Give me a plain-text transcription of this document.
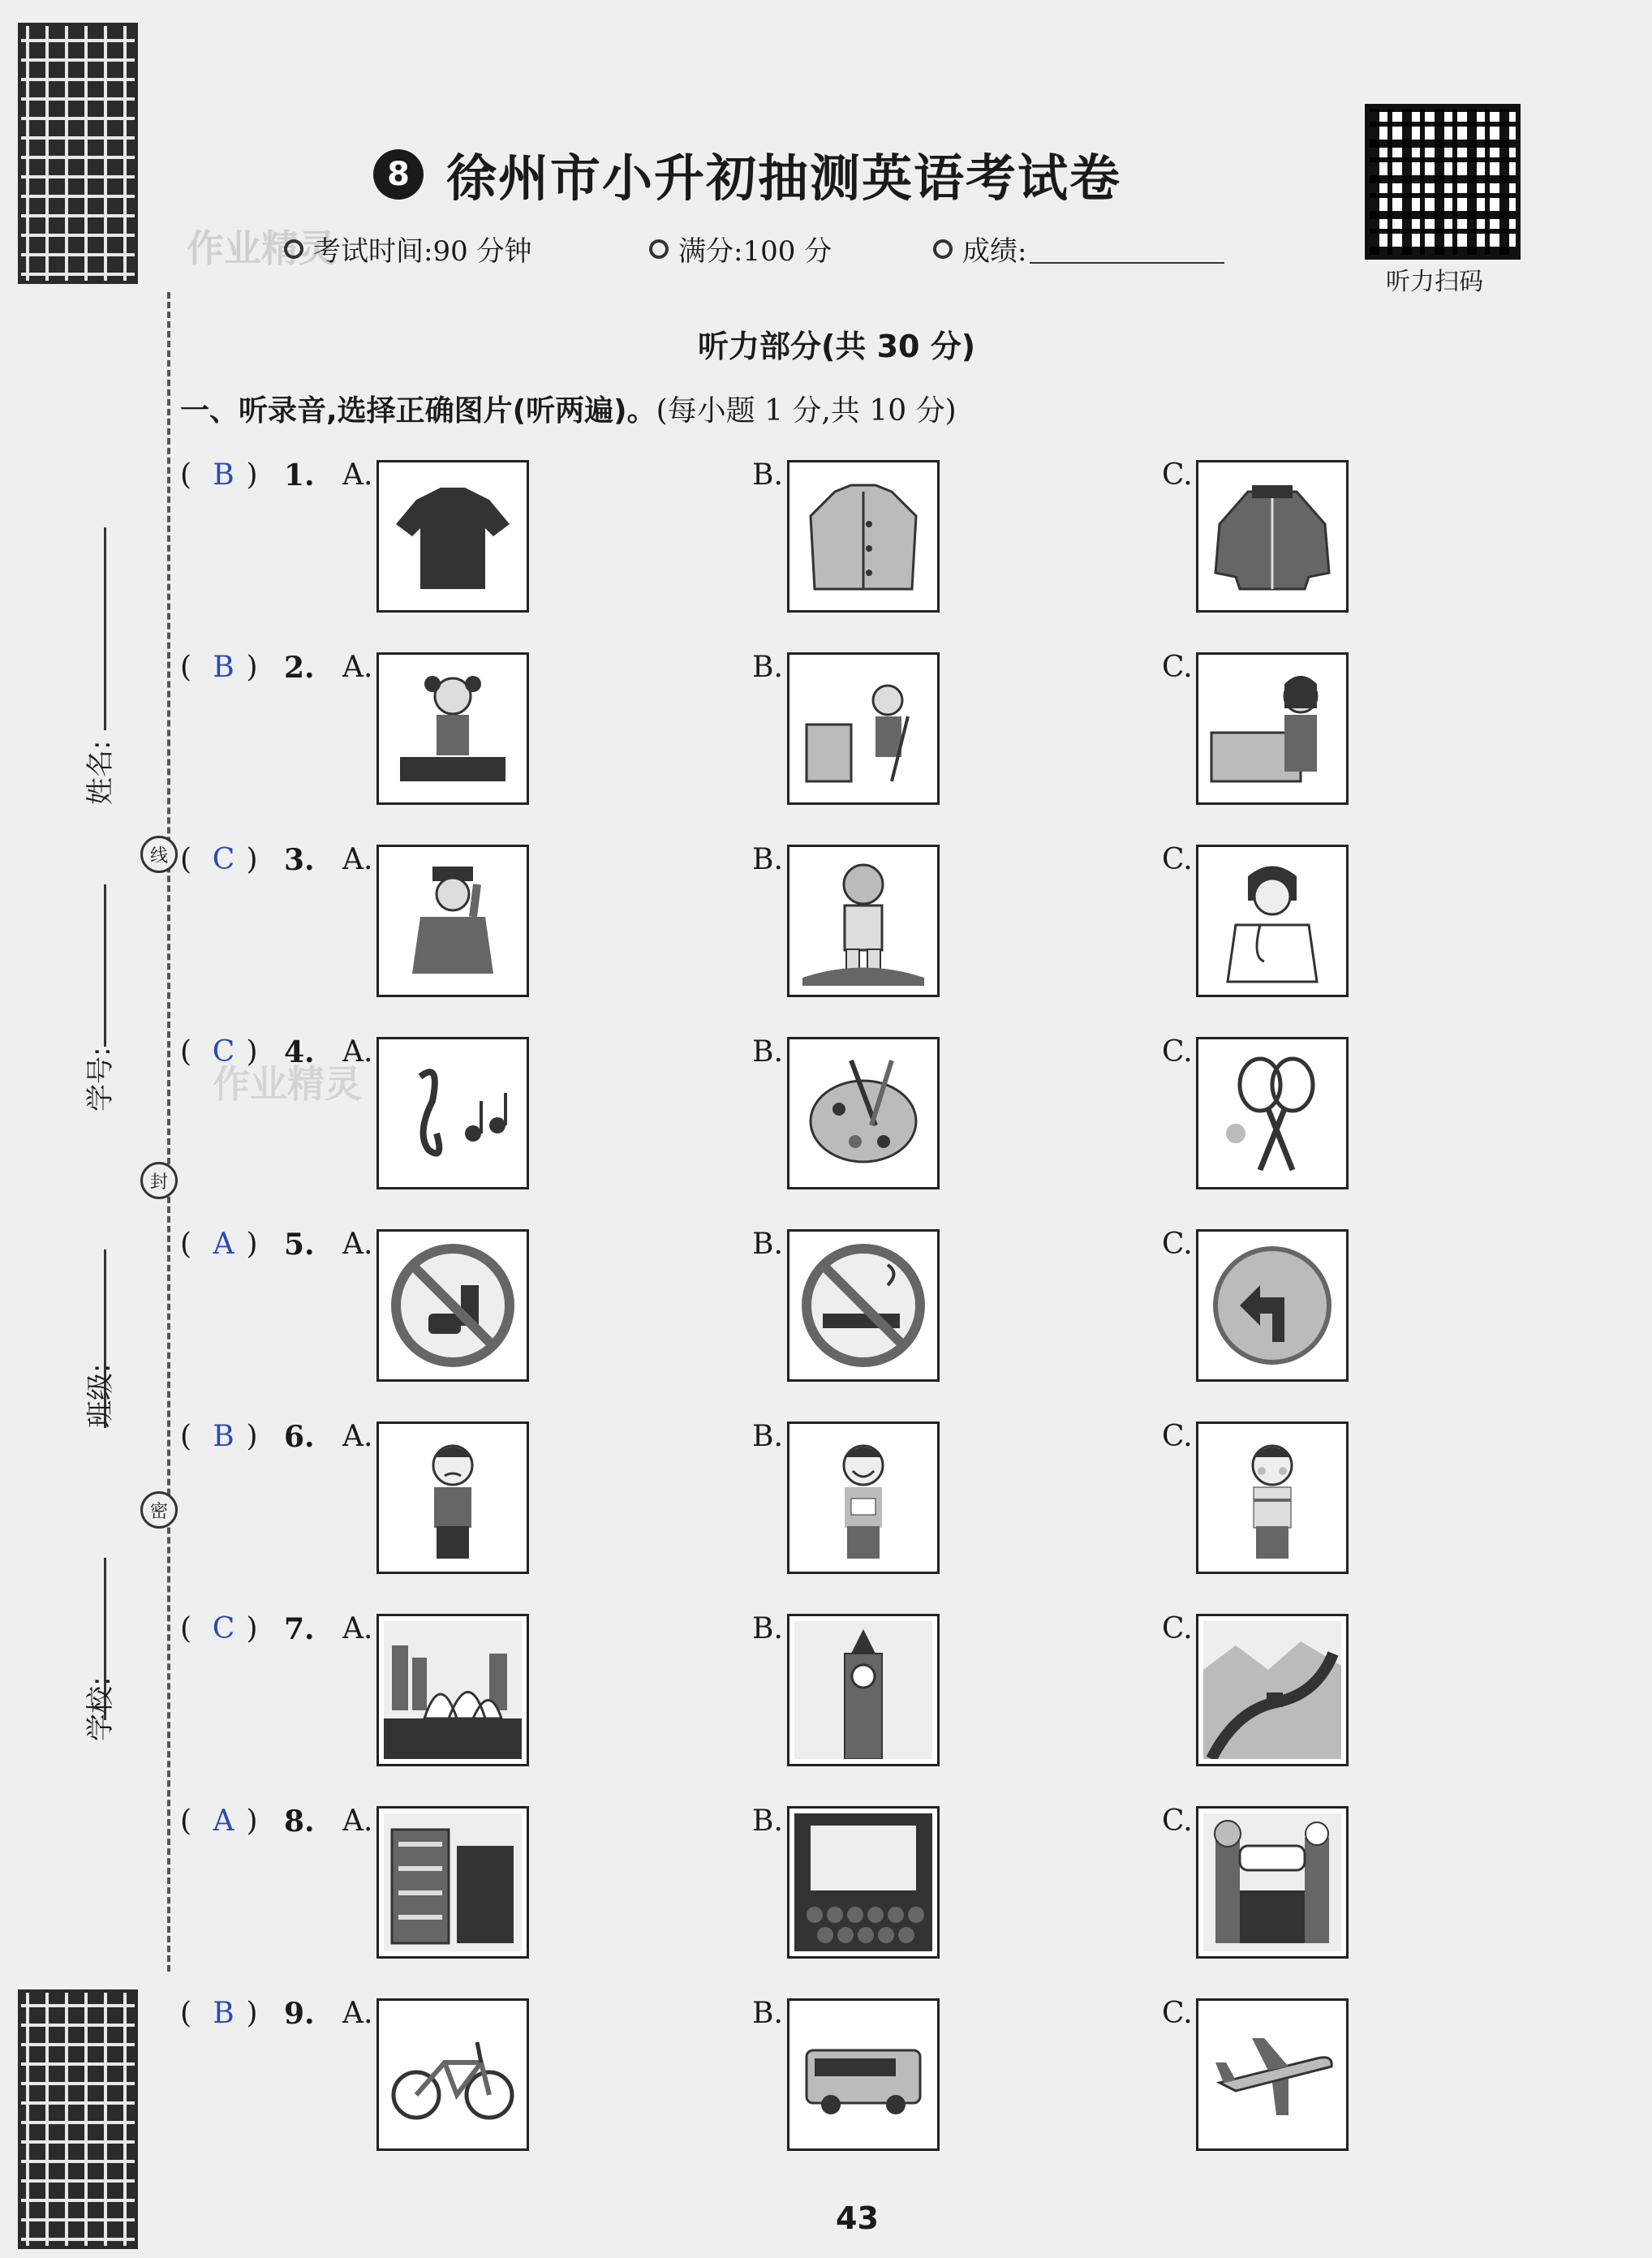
姓名:
学号:
班级:
学校:
线
封
密
8 徐州市小升初抽测英语考试卷
作业精灵
考试时间:90 分钟	满分:100 分	成绩:
听力扫码
听力部分(共 30 分)
一、听录音,选择正确图片(听两遍)。(每小题 1 分,共 10 分)
( B ) 1. A.	B.	C.
( B ) 2. A.	B.	C.
( C ) 3. A.	B.	C.
( C ) 4. A.	B.	C.
( A ) 5. A.	B.	C.
( B ) 6. A.	B.	C.
( C ) 7. A.	B.	C.
( A ) 8. A.	B.	C.
( B ) 9. A.	B.	C.
作业精灵
43
